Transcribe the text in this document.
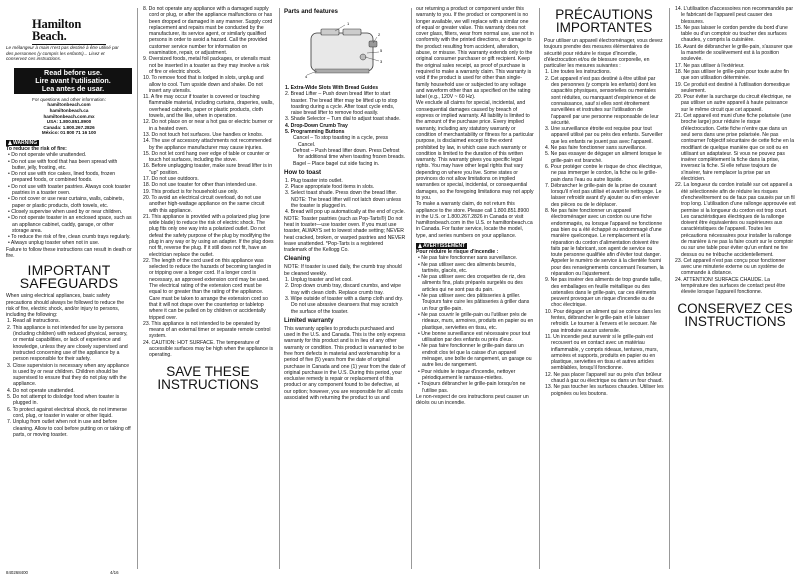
Hamilton
Beach.

Le mélangeur à main n'est pas destiné à être utilisé par des personnes (y compris les enfants)... Lisez et conservez ces instructions.

Read before use.
Lire avant l'utilisation.
Lea antes de usar.
For questions and other information:
hamiltonbeach.com
hamiltonbeach.ca
hamiltonbeach.com.mx
USA: 1.800.851.8900
Canada: 1.800.267.2826
México: 01 800 71 16 100
WARNING

To reduce the risk of fire:

• Do not operate while unattended.

• Do not use with food that has been spread with butter, jelly, frosting, etc.

• Do not use with rice cakes, lined foods, frozen prepared foods, or combined foods.

• Do not use with toaster pastries. Always cook toaster pastries in a toaster oven.

• Do not cover or use near curtains, walls, cabinets, paper or plastic products, cloth towels, etc.

• Closely supervise when used by or near children.

• Do not operate toaster in an enclosed space, such as an appliance cabinet, caddy, garage, or other storage area.

• To reduce the risk of fire, clean crumb trays regularly.

• Always unplug toaster when not in use.

Failure to follow these instructions can result in death or fire.

IMPORTANT SAFEGUARDS

When using electrical appliances, basic safety precautions should always be followed to reduce the risk of fire, electric shock, and/or injury to persons, including the following:

1. Read all instructions.

2. This appliance is not intended for use by persons (including children) with reduced physical, sensory, or mental capabilities, or lack of experience and knowledge, unless they are closely supervised and instructed concerning use of the appliance by a person responsible for their safety.

3. Close supervision is necessary when any appliance is used by or near children. Children should be supervised to ensure that they do not play with the appliance.

4. Do not operate unattended.

5. Do not attempt to dislodge food when toaster is plugged in.

6. To protect against electrical shock, do not immerse cord, plug, or toaster in water or other liquid.

7. Unplug from outlet when not in use and before cleaning. Allow to cool before putting on or taking off parts, or moving toaster.

840268400	4/16

8. Do not operate any appliance with a damaged supply cord or plug, or after the appliance malfunctions or has been dropped or damaged in any manner. Supply cord replacement and repairs must be conducted by the manufacturer, its service agent, or similarly qualified persons in order to avoid a hazard. Call the provided customer service number for information on examination, repair, or adjustment.

9. Oversized foods, metal foil packages, or utensils must not be inserted in a toaster as they may involve a risk of fire or electric shock.

10. To remove food that is lodged in slots, unplug and allow to cool. Turn upside down and shake. Do not insert any utensils.

11. A fire may occur if toaster is covered or touching flammable material, including curtains, draperies, walls, overhead cabinets, paper or plastic products, cloth towels, and the like, when in operation.

12. Do not place on or near a hot gas or electric burner or in a heated oven.

13. Do not touch hot surfaces. Use handles or knobs.

14. The use of accessory attachments not recommended by the appliance manufacturer may cause injuries.

15. Do not let cord hang over edge of table or counter or touch hot surfaces, including the stove.

16. Before unplugging toaster, make sure bread lifter is in "up" position.

17. Do not use outdoors.

18. Do not use toaster for other than intended use.

19. This product is for household use only.

20. To avoid an electrical circuit overload, do not use another high-wattage appliance on the same circuit with this appliance.

21. This appliance is provided with a polarized plug (one wide blade) to reduce the risk of electric shock. The plug fits only one way into a polarized outlet. Do not defeat the safety purpose of the plug by modifying the plug in any way or by using an adapter. If the plug does not fit, reverse the plug. If it still does not fit, have an electrician replace the outlet.

22. The length of the cord used on this appliance was selected to reduce the hazards of becoming tangled in or tripping over a longer cord. If a longer cord is necessary, an approved extension cord may be used. The electrical rating of the extension cord must be equal to or greater than the rating of the appliance. Care must be taken to arrange the extension cord so that it will not drape over the countertop or tabletop where it can be pulled on by children or accidentally tripped over.

23. This appliance is not intended to be operated by means of an external timer or separate remote control system.

24. CAUTION: HOT SURFACE. The temperature of accessible surfaces may be high when the appliance is operating.

SAVE THESE INSTRUCTIONS
Parts and features
1
2
3
4
5

1. Extra-Wide Slots With Bread Guides

2. Bread Lifter – Push down bread lifter to start toaster. The bread lifter may be lifted up to stop toasting during a cycle. After toast cycle ends, raise bread lifter to remove food easily.

3. Shade Selector – Turn dial to adjust toast shade.

4. Drop-Down Crumb Tray

5. Programming Buttons

Cancel – To stop toasting in a cycle, press Cancel.

Defrost – Push bread lifter down. Press Defrost for additional time when toasting frozen breads.

Bagel – Place bagel cut side facing in.

How to toast

1. Plug toaster into outlet.

2. Place appropriate food items in slots.

3. Select toast shade. Press down the bread lifter. NOTE: The bread lifter will not latch down unless the toaster is plugged in.

4. Bread will pop up automatically at the end of cycle.

NOTE: Toaster pastries (such as Pop-Tarts®) Do not heat in toaster—use toaster oven. If you must use toaster, ALWAYS set to lowest shade setting; NEVER heat cracked, broken, or warped pastries and NEVER leave unattended. *Pop-Tarts is a registered trademark of the Kellogg Co.

Cleaning

NOTE: If toaster is used daily, the crumb tray should be cleaned weekly.

1. Unplug toaster and let cool.

2. Drop down crumb tray, discard crumbs, and wipe tray with clean cloth. Replace crumb tray.

3. Wipe outside of toaster with a damp cloth and dry. Do not use abrasive cleansers that may scratch the surface of the toaster.

Limited warranty

This warranty applies to products purchased and used in the U.S. and Canada. This is the only express warranty for this product and is in lieu of any other warranty or condition. This product is warranted to be free from defects in material and workmanship for a period of five (5) years from the date of original purchase in Canada and one (1) year from the date of original purchase in the U.S. During this period, your exclusive remedy is repair or replacement of this product or any component found to be defective, at our option; however, you are responsible for all costs associated with returning the product to us and

our returning a product or component under this warranty to you. If the product or component is no longer available, we will replace with a similar one of equal or greater value. This warranty does not cover glass, filters, wear from normal use, use not in conformity with the printed directions, or damage to the product resulting from accident, alteration, abuse, or misuse. This warranty extends only to the original consumer purchaser or gift recipient. Keep the original sales receipt, as proof of purchase is required to make a warranty claim. This warranty is void if the product is used for other than single-family household use or subjected to any voltage and waveform other than as specified on the rating label (e.g., 120V ~ 60 Hz).

We exclude all claims for special, incidental, and consequential damages caused by breach of express or implied warranty. All liability is limited to the amount of the purchase price. Every implied warranty, including any statutory warranty or condition of merchantability or fitness for a particular purpose, is disclaimed except to the extent prohibited by law, in which case such warranty or condition is limited to the duration of this written warranty. This warranty gives you specific legal rights. You may have other legal rights that vary depending on where you live. Some states or provinces do not allow limitations on implied warranties or special, incidental, or consequential damages, so the foregoing limitations may not apply to you.

To make a warranty claim, do not return this appliance to the store. Please call 1.800.851.8900 in the U.S. or 1.800.267.2826 in Canada or visit hamiltonbeach.com in the U.S. or hamiltonbeach.ca in Canada. For faster service, locate the model, type, and series numbers on your appliance.

AVERTISSEMENT

Pour réduire le risque d'incendie :

• Ne pas faire fonctionner sans surveillance.

• Ne pas utiliser avec des aliments beurrés, tartinés, glacés, etc.

• Ne pas utiliser avec des croquettes de riz, des aliments fins, plats préparés surgelés ou des articles qui ne sont pas du pain.

• Ne pas utiliser avec des pâtisseries à griller. Toujours faire cuire les pâtisseries à griller dans un four grille-pain.

• Ne pas couvrir le grille-pain ou l'utiliser près de rideaux, murs, armoires, produits en papier ou en plastique, serviettes en tissu, etc.

• Une bonne surveillance est nécessaire pour tout utilisation par des enfants ou près d'eux.

• Ne pas faire fonctionner le grille-pain dans un endroit clos tel que la caisse d'un appareil ménager, une boîte de rangement, un garage ou autre lieu de rangement.

• Pour réduire le risque d'incendie, nettoyer périodiquement le ramasse-miettes.

• Toujours débrancher le grille-pain lorsqu'on ne l'utilise pas.

Le non-respect de ces instructions peut causer un décès ou un incendie.

PRÉCAUTIONS IMPORTANTES

Pour utiliser un appareil électroménager, vous devez toujours prendre des mesures élémentaires de sécurité pour réduire le risque d'incendie, d'électrocution et/ou de blessure corporelle, en particulier les mesures suivantes :

1. Lire toutes les instructions.

2. Cet appareil n'est pas destiné à être utilisé par des personnes (y compris les enfants) dont les capacités physiques, sensorielles ou mentales sont réduites, ou manquant d'expérience et de connaissance, sauf si elles sont étroitement surveillées et instruites sur l'utilisation de l'appareil par une personne responsable de leur sécurité.

3. Une surveillance étroite est requise pour tout appareil utilisé par ou près des enfants. Surveiller que les enfants ne jouent pas avec l'appareil.

4. Ne pas faire fonctionner sans surveillance.

5. Ne pas essayer de dégager un aliment lorsque le grille-pain est branché.

6. Pour protéger contre le risque de choc électrique, ne pas immerger le cordon, la fiche ou le grille-pain dans l'eau ou autre liquide.

7. Débrancher le grille-pain de la prise de courant lorsqu'il n'est pas utilisé et avant le nettoyage. Le laisser refroidir avant d'y ajouter ou d'en enlever des pièces ou de le déplacer.

8. Ne pas faire fonctionner un appareil électroménager avec un cordon ou une fiche endommagés, ou lorsque l'appareil ne fonctionne pas bien ou a été échappé ou endommagé d'une manière quelconque. Le remplacement et la réparation du cordon d'alimentation doivent être faits par le fabricant, son agent de service ou toute personne qualifiée afin d'éviter tout danger. Appeler le numéro de service à la clientèle fourni pour des renseignements concernant l'examen, la réparation ou l'ajustement.

9. Ne pas insérer des aliments de trop grande taille, des emballages en feuille métallique ou des ustensiles dans le grille-pain, car ces éléments peuvent provoquer un risque d'incendie ou de choc électrique.

10. Pour dégager un aliment qui se coince dans les fentes, débrancher le grille-pain et le laisser refroidir. Le tourner à l'envers et le secouer. Ne pas introduire aucun ustensile.

11. Un incendie peut survenir si le grille-pain est recouvert ou en contact avec un matériau inflammable, y compris rideaux, tentures, murs, armoires et supports, produits en papier ou en plastique, serviettes en tissu et autres articles semblables, lorsqu'il fonctionne.

12. Ne pas placer l'appareil sur ou près d'un brûleur chaud à gaz ou électrique ou dans un four chaud.

13. Ne pas toucher les surfaces chaudes. Utiliser les poignées ou les boutons.

14. L'utilisation d'accessoires non recommandés par le fabricant de l'appareil peut causer des blessures.

15. Ne pas laisser le cordon pendre du bord d'une table ou d'un comptoir ou toucher des surfaces chaudes, y compris la cuisinière.

16. Avant de débrancher le grille-pain, s'assurer que la manette de soulèvement est à la position soulevée.

17. Ne pas utiliser à l'extérieur.

18. Ne pas utiliser le grille-pain pour toute autre fin que son utilisation déterminée.

19. Ce produit est destiné à l'utilisation domestique seulement.

20. Pour éviter la surcharge du circuit électrique, ne pas utiliser un autre appareil à haute puissance sur le même circuit que cet appareil.

21. Cet appareil est muni d'une fiche polarisée (une broche large) pour réduire le risque d'électrocution. Cette fiche n'entre que dans un seul sens dans une prise polarisée. Ne pas contourner l'objectif sécuritaire de cette fiche en la modifiant de quelque manière que ce soit ou en utilisant un adaptateur. Si vous ne pouvez pas insérer complètement la fiche dans la prise, inversez la fiche. Si elle refuse toujours de s'insérer, faire remplacer la prise par un électricien.

22. La longueur du cordon installé sur cet appareil a été sélectionnée afin de réduire les risques d'enchevêtrement ou de faux pas causés par un fil trop long. L'utilisation d'une rallonge approuvée est permise si la longueur du cordon est trop court. Les caractéristiques électriques de la rallonge doivent être équivalentes ou supérieures aux caractéristiques de l'appareil. Toutes les précautions nécessaires pour installer la rallonge de manière à ne pas la faire courir sur le comptoir ou sur une table pour éviter qu'un enfant ne tire dessus ou ne trébuche accidentellement.

23. Cet appareil n'est pas conçu pour fonctionner avec une minuterie externe ou un système de commande à distance.

24. ATTENTION! SURFACE CHAUDE. La température des surfaces de contact peut être élevée lorsque l'appareil fonctionne.

CONSERVEZ CES INSTRUCTIONS
